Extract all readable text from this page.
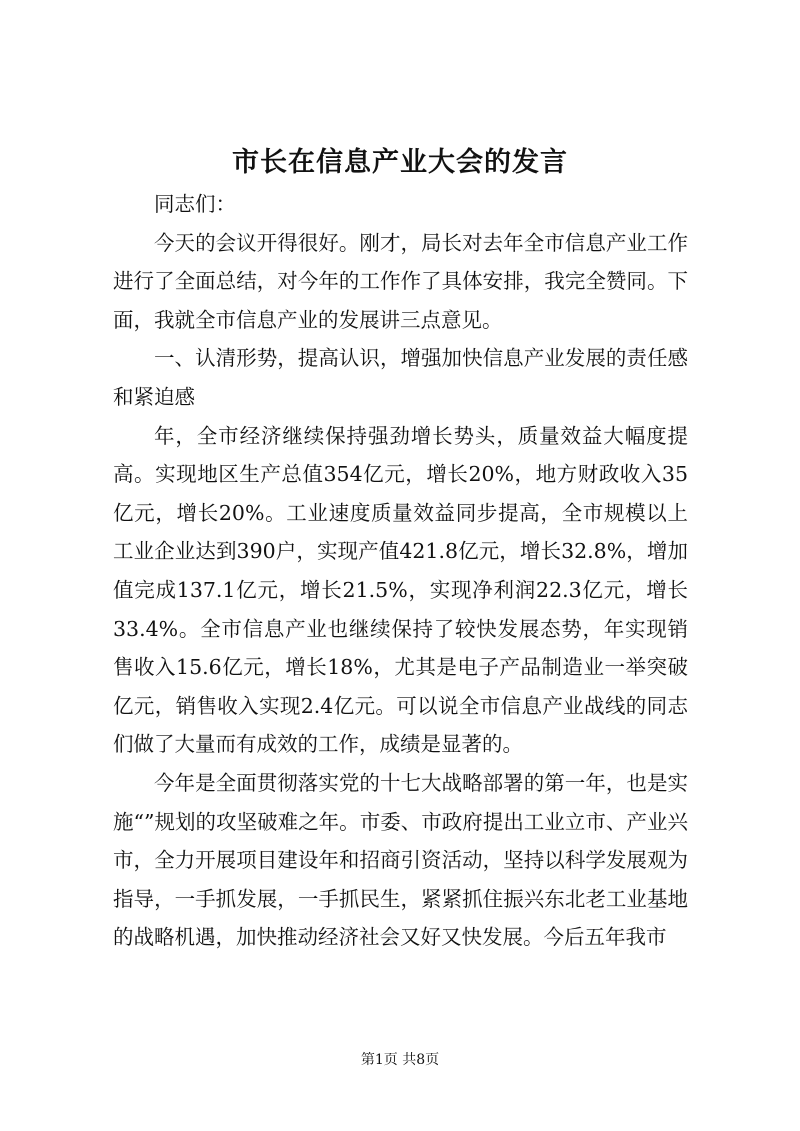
市长在信息产业大会的发言

同志们：

今天的会议开得很好。刚才，局长对去年全市信息产业工作进行了全面总结，对今年的工作作了具体安排，我完全赞同。下面，我就全市信息产业的发展讲三点意见。

一、认清形势，提高认识，增强加快信息产业发展的责任感和紧迫感

年，全市经济继续保持强劲增长势头，质量效益大幅度提高。实现地区生产总值354亿元，增长20%，地方财政收入35亿元，增长20%。工业速度质量效益同步提高，全市规模以上工业企业达到390户，实现产值421.8亿元，增长32.8%，增加值完成137.1亿元，增长21.5%，实现净利润22.3亿元，增长33.4%。全市信息产业也继续保持了较快发展态势，年实现销售收入15.6亿元，增长18%，尤其是电子产品制造业一举突破亿元，销售收入实现2.4亿元。可以说全市信息产业战线的同志们做了大量而有成效的工作，成绩是显著的。

今年是全面贯彻落实党的十七大战略部署的第一年，也是实施“”规划的攻坚破难之年。市委、市政府提出工业立市、产业兴市，全力开展项目建设年和招商引资活动，坚持以科学发展观为指导，一手抓发展，一手抓民生，紧紧抓住振兴东北老工业基地的战略机遇，加快推动经济社会又好又快发展。今后五年我市

第1页 共8页
